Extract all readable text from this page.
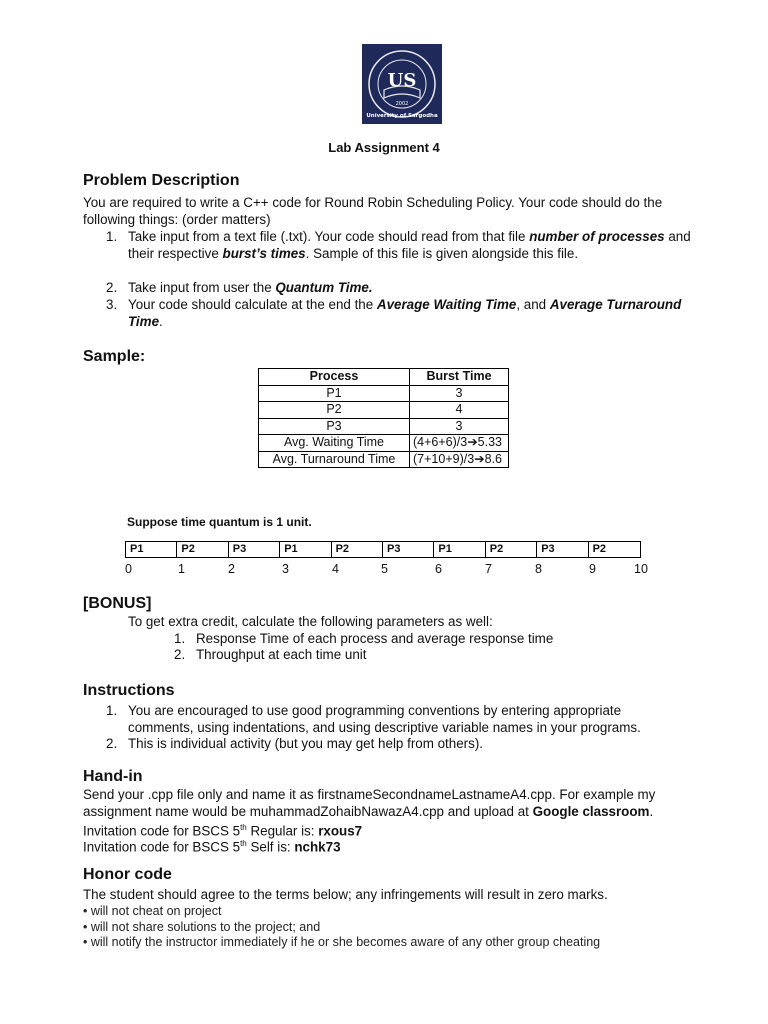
US
2002
University of Sargodha
Lab Assignment 4
Problem Description

You are required to write a C++ code for Round Robin Scheduling Policy. Your code should do the following things: (order matters)

1. Take input from a text file (.txt). Your code should read from that file number of processes and their respective burst’s times. Sample of this file is given alongside this file.
2. Take input from user the Quantum Time.
3. Your code should calculate at the end the Average Waiting Time, and Average Turnaround Time.
Sample:
Process	Burst Time
P1	3
P2	4
P3	3
Avg. Waiting Time	(4+6+6)/3➔5.33
Avg. Turnaround Time	(7+10+9)/3➔8.6
Suppose time quantum is 1 unit.
P1	P2	P3	P1	P2	P3	P1	P2	P3	P2
0	1	2	3	4	5	6	7	8	9	10
[BONUS]

To get extra credit, calculate the following parameters as well:

1. Response Time of each process and average response time
2. Throughput at each time unit
Instructions
1. You are encouraged to use good programming conventions by entering appropriate comments, using indentations, and using descriptive variable names in your programs.
2. This is individual activity (but you may get help from others).
Hand-in

Send your .cpp file only and name it as firstnameSecondnameLastnameA4.cpp. For example my assignment name would be muhammadZohaibNawazA4.cpp and upload at Google classroom.

Invitation code for BSCS 5th Regular is: rxous7

Invitation code for BSCS 5th Self is: nchk73

Honor code

The student should agree to the terms below; any infringements will result in zero marks.

• will not cheat on project
• will not share solutions to the project; and
• will notify the instructor immediately if he or she becomes aware of any other group cheating
